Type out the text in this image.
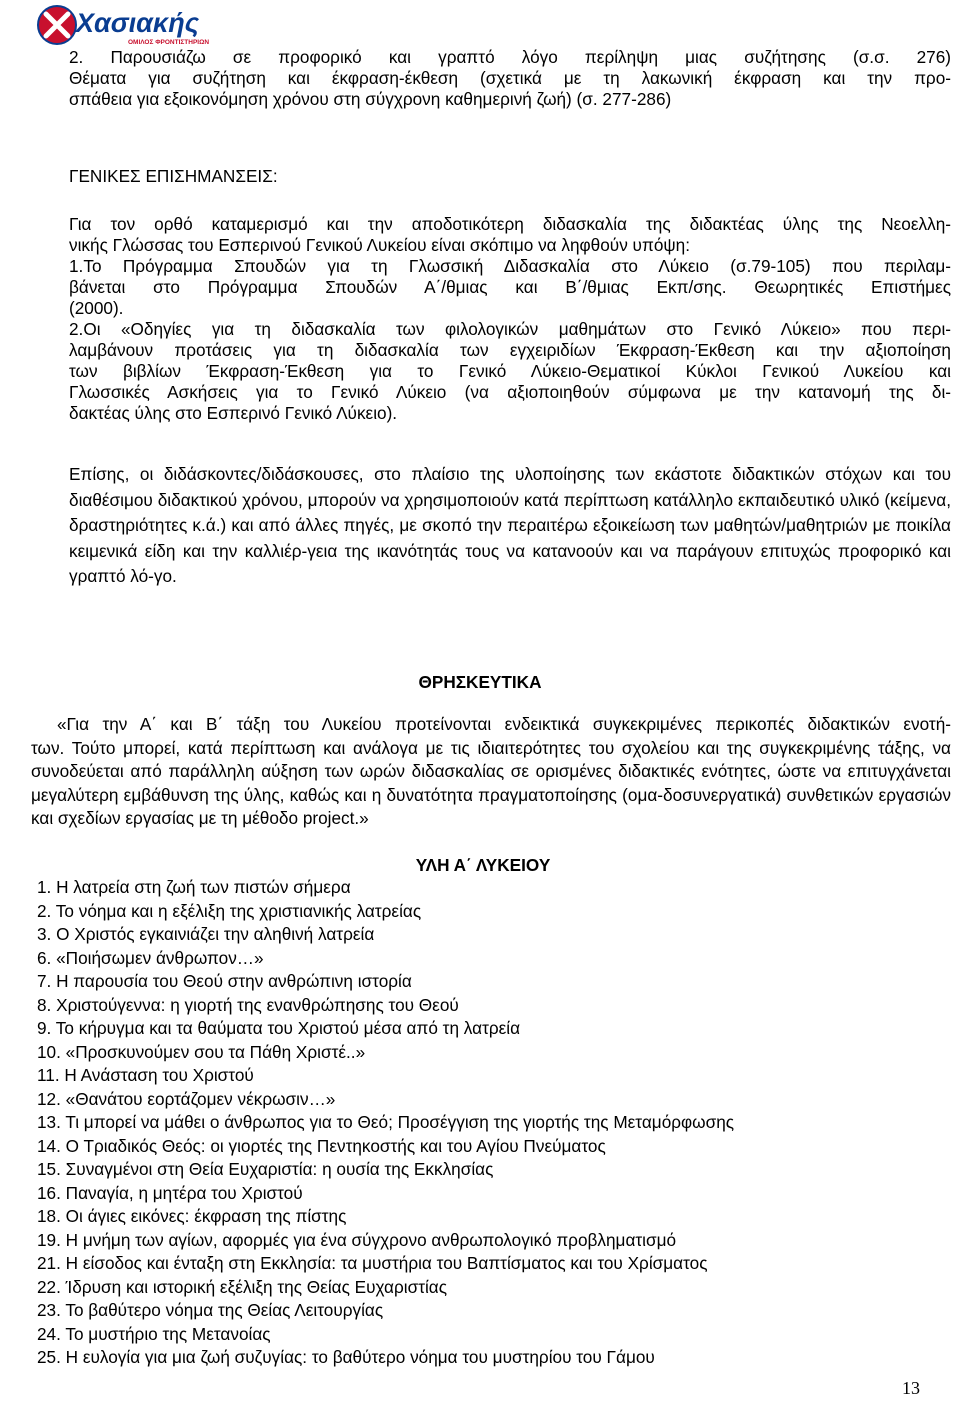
Χασιακής
ΟΜΙΛΟΣ ΦΡΟΝΤΙΣΤΗΡΙΩΝ

2. Παρουσιάζω σε προφορικό και γραπτό λόγο περίληψη μιας συζήτησης (σ.σ. 276)

Θέματα για συζήτηση και έκφραση-έκθεση (σχετικά με τη λακωνική έκφραση και την προ-

σπάθεια για εξοικονόμηση χρόνου στη σύγχρονη καθημερινή ζωή) (σ. 277-286)

ΓΕΝΙΚΕΣ ΕΠΙΣΗΜΑΝΣΕΙΣ:

Για τον ορθό καταμερισμό και την αποδοτικότερη διδασκαλία της διδακτέας ύλης της Νεοελλη-

νικής Γλώσσας του Εσπερινού Γενικού Λυκείου είναι σκόπιμο να ληφθούν υπόψη:

1.Το Πρόγραμμα Σπουδών για τη Γλωσσική Διδασκαλία στο Λύκειο (σ.79-105) που περιλαμ-

βάνεται στο Πρόγραμμα Σπουδών Α΄/θμιας και Β΄/θμιας Εκπ/σης. Θεωρητικές Επιστήμες

(2000).

2.Οι «Οδηγίες για τη διδασκαλία των φιλολογικών μαθημάτων στο Γενικό Λύκειο» που περι-

λαμβάνουν προτάσεις για τη διδασκαλία των εγχειριδίων Έκφραση-Έκθεση και την αξιοποίηση

των βιβλίων Έκφραση-Έκθεση για το Γενικό Λύκειο-Θεματικοί Κύκλοι Γενικού Λυκείου και

Γλωσσικές Ασκήσεις για το Γενικό Λύκειο (να αξιοποιηθούν σύμφωνα με την κατανομή της δι-

δακτέας ύλης στο Εσπερινό Γενικό Λύκειο).

Επίσης, οι διδάσκοντες/διδάσκουσες, στο πλαίσιο της υλοποίησης των εκάστοτε διδακτικών στόχων και του διαθέσιμου διδακτικού χρόνου, μπορούν να χρησιμοποιούν κατά περίπτωση κατάλληλο εκπαιδευτικό υλικό (κείμενα, δραστηριότητες κ.ά.) και από άλλες πηγές, με σκοπό την περαιτέρω εξοικείωση των μαθητών/μαθητριών με ποικίλα κειμενικά είδη και την καλλιέρ-γεια της ικανότητάς τους να κατανοούν και να παράγουν επιτυχώς προφορικό και γραπτό λό-γο.

ΘΡΗΣΚΕΥΤΙΚΑ

«Για την Α΄ και Β΄ τάξη του Λυκείου προτείνονται ενδεικτικά συγκεκριμένες περικοπές διδακτικών ενοτή-
των. Τούτο μπορεί, κατά περίπτωση και ανάλογα με τις ιδιαιτερότητες του σχολείου και της συγκεκριμένης τάξης, να συνοδεύεται από παράλληλη αύξηση των ωρών διδασκαλίας σε ορισμένες διδακτικές ενότητες, ώστε να επιτυγχάνεται μεγαλύτερη εμβάθυνση της ύλης, καθώς και η δυνατότητα πραγματοποίησης (ομα-δοσυνεργατικά) συνθετικών εργασιών και σχεδίων εργασίας με τη μέθοδο project.»

ΥΛΗ Α΄ ΛΥΚΕΙΟΥ
1. Η λατρεία στη ζωή των πιστών σήμερα
2. Το νόημα και η εξέλιξη της χριστιανικής λατρείας
3. Ο Χριστός εγκαινιάζει την αληθινή λατρεία
6. «Ποιήσωμεν άνθρωπον…»
7. Η παρουσία του Θεού στην ανθρώπινη ιστορία
8. Χριστούγεννα: η γιορτή της ενανθρώπησης του Θεού
9. Το κήρυγμα και τα θαύματα του Χριστού μέσα από τη λατρεία
10. «Προσκυνούμεν σου τα Πάθη Χριστέ..»
11. Η Ανάσταση του Χριστού
12. «Θανάτου εορτάζομεν νέκρωσιν…»
13. Τι μπορεί να μάθει ο άνθρωπος για το Θεό; Προσέγγιση της γιορτής της Μεταμόρφωσης
14. Ο Τριαδικός Θεός: οι γιορτές της Πεντηκοστής και του Αγίου Πνεύματος
15. Συναγμένοι στη Θεία Ευχαριστία: η ουσία της Εκκλησίας
16. Παναγία, η μητέρα του Χριστού
18. Οι άγιες εικόνες: έκφραση της πίστης
19. Η μνήμη των αγίων, αφορμές για ένα σύγχρονο ανθρωπολογικό προβληματισμό
21. Η είσοδος και ένταξη στη Εκκλησία: τα μυστήρια του Βαπτίσματος και του Χρίσματος
22. Ίδρυση και ιστορική εξέλιξη της Θείας Ευχαριστίας
23. Το βαθύτερο νόημα της Θείας Λειτουργίας
24. Το μυστήριο της Μετανοίας
25. Η ευλογία για μια ζωή συζυγίας: το βαθύτερο νόημα του μυστηρίου του Γάμου
13
